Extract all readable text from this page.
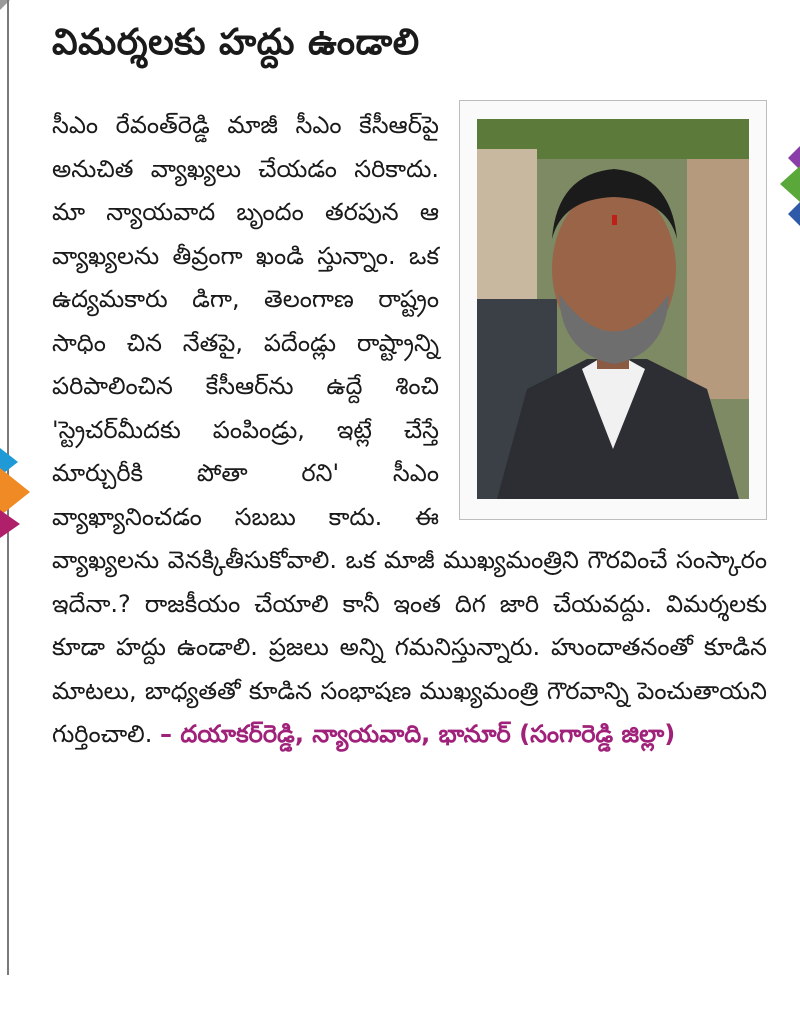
విమర్శలకు హద్దు ఉండాలి

సీఎం రేవంత్‌రెడ్డి మాజీ సీఎం కేసీఆర్‌పై అనుచిత వ్యాఖ్యలు చేయడం సరికాదు. మా న్యాయవాద బృందం తరపున ఆ వ్యాఖ్యలను తీవ్రంగా ఖండి స్తున్నాం. ఒక ఉద్యమకారు డిగా, తెలంగాణ రాష్ట్రం సాధిం చిన నేతపై, పదేండ్లు రాష్ట్రాన్ని పరిపాలించిన కేసీఆర్‌ను ఉద్దే శించి 'స్ట్రెచర్‌మీదకు పంపిండ్రు, ఇట్లే చేస్తే మార్చురీకి పోతా రని' సీఎం వ్యాఖ్యానించడం సబబు కాదు. ఈ వ్యాఖ్యలను వెనక్కితీసుకోవాలి. ఒక మాజీ ముఖ్యమంత్రిని గౌరవించే సంస్కారం ఇదేనా.? రాజకీయం చేయాలి కానీ ఇంత దిగ జారి చేయవద్దు. విమర్శలకు కూడా హద్దు ఉండాలి. ప్రజలు అన్ని గమనిస్తున్నారు. హుందాతనంతో కూడిన మాటలు, బాధ్యతతో కూడిన సంభాషణ ముఖ్యమంత్రి గౌరవాన్ని పెంచుతాయని గుర్తించాలి. – దయాకర్‌రెడ్డి, న్యాయవాది, భానూర్ (సంగారెడ్డి జిల్లా)
